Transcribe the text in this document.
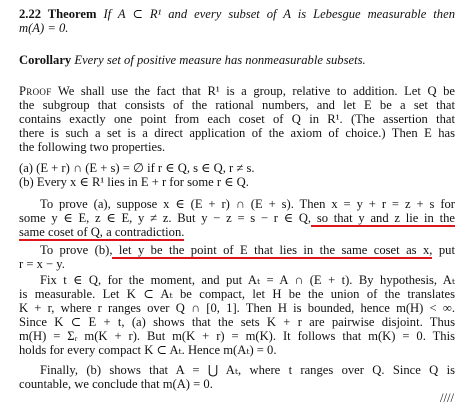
2.22 Theorem If A ⊂ R¹ and every subset of A is Lebesgue measurable then
m(A) = 0.
Corollary Every set of positive measure has nonmeasurable subsets.
Proof We shall use the fact that R¹ is a group, relative to addition. Let Q be
the subgroup that consists of the rational numbers, and let E be a set that
contains exactly one point from each coset of Q in R¹. (The assertion that
there is such a set is a direct application of the axiom of choice.) Then E has
the following two properties.
(a) (E + r) ∩ (E + s) = ∅ if r ∈ Q, s ∈ Q, r ≠ s.
(b) Every x ∈ R¹ lies in E + r for some r ∈ Q.
To prove (a), suppose x ∈ (E + r) ∩ (E + s). Then x = y + r = z + s for
some y ∈ E, z ∈ E, y ≠ z. But y − z = s − r ∈ Q, so that y and z lie in the
same coset of Q, a contradiction.
To prove (b), let y be the point of E that lies in the same coset as x, put
r = x − y.
Fix t ∈ Q, for the moment, and put Aₜ = A ∩ (E + t). By hypothesis, Aₜ
is measurable. Let K ⊂ Aₜ be compact, let H be the union of the translates
K + r, where r ranges over Q ∩ [0, 1]. Then H is bounded, hence m(H) < ∞.
Since K ⊂ E + t, (a) shows that the sets K + r are pairwise disjoint. Thus
m(H) = Σᵣ m(K + r). But m(K + r) = m(K). It follows that m(K) = 0. This
holds for every compact K ⊂ Aₜ. Hence m(Aₜ) = 0.
Finally, (b) shows that A = ⋃ Aₜ, where t ranges over Q. Since Q is
countable, we conclude that m(A) = 0.
////
